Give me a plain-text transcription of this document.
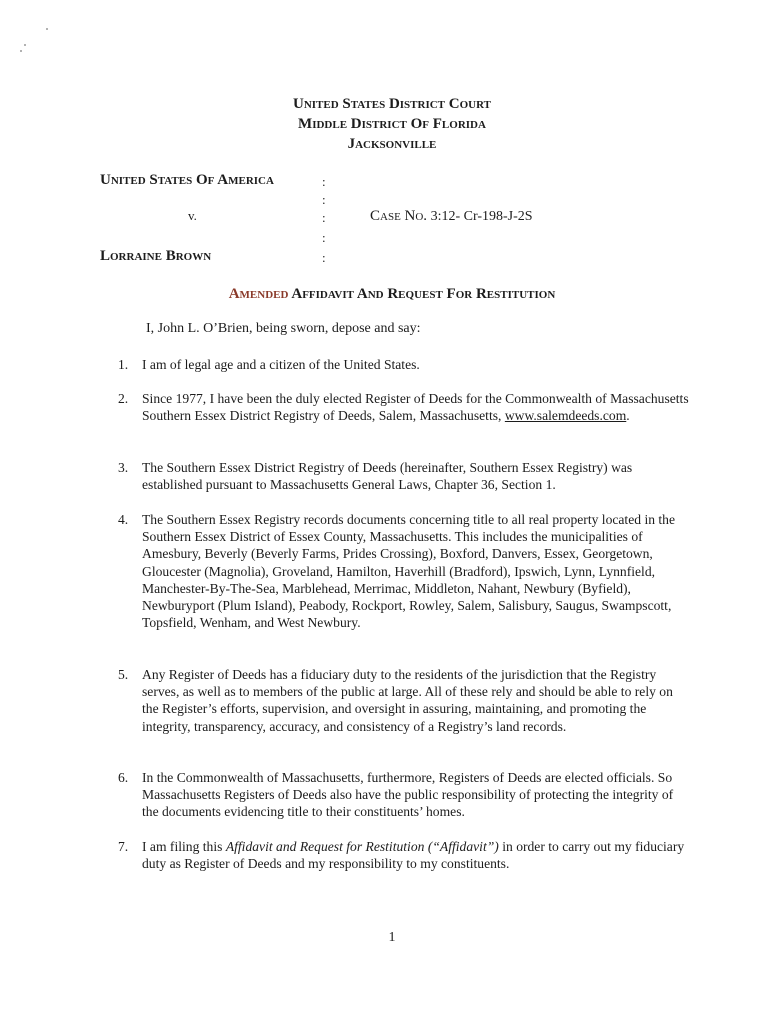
United States District Court
Middle District Of Florida
Jacksonville
United States Of America
v.
Lorraine Brown
:
:
:
:
:
Case No. 3:12- Cr-198-J-2S
Amended Affidavit And Request For Restitution
I, John L. O’Brien, being sworn, depose and say:
1. I am of legal age and a citizen of the United States.
2. Since 1977, I have been the duly elected Register of Deeds for the Commonwealth of Massachusetts Southern Essex District Registry of Deeds, Salem, Massachusetts, www.salemdeeds.com.
3. The Southern Essex District Registry of Deeds (hereinafter, Southern Essex Registry) was established pursuant to Massachusetts General Laws, Chapter 36, Section 1.
4. The Southern Essex Registry records documents concerning title to all real property located in the Southern Essex District of Essex County, Massachusetts. This includes the municipalities of Amesbury, Beverly (Beverly Farms, Prides Crossing), Boxford, Danvers, Essex, Georgetown, Gloucester (Magnolia), Groveland, Hamilton, Haverhill (Bradford), Ipswich, Lynn, Lynnfield, Manchester-By-The-Sea, Marblehead, Merrimac, Middleton, Nahant, Newbury (Byfield), Newburyport (Plum Island), Peabody, Rockport, Rowley, Salem, Salisbury, Saugus, Swampscott, Topsfield, Wenham, and West Newbury.
5. Any Register of Deeds has a fiduciary duty to the residents of the jurisdiction that the Registry serves, as well as to members of the public at large. All of these rely and should be able to rely on the Register’s efforts, supervision, and oversight in assuring, maintaining, and promoting the integrity, transparency, accuracy, and consistency of a Registry’s land records.
6. In the Commonwealth of Massachusetts, furthermore, Registers of Deeds are elected officials. So Massachusetts Registers of Deeds also have the public responsibility of protecting the integrity of the documents evidencing title to their constituents’ homes.
7. I am filing this Affidavit and Request for Restitution (“Affidavit”) in order to carry out my fiduciary duty as Register of Deeds and my responsibility to my constituents.
1
